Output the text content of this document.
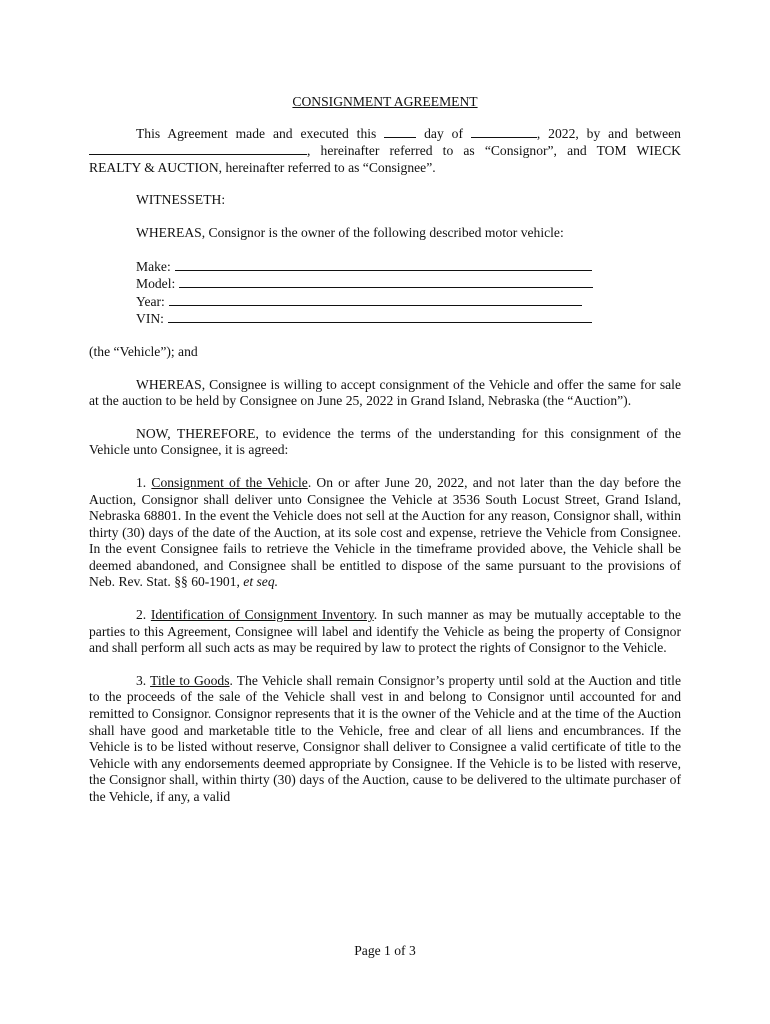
CONSIGNMENT AGREEMENT

This Agreement made and executed this  day of	, 2022, by and between , hereinafter referred to as “Consignor”, and TOM WIECK REALTY & AUCTION, hereinafter referred to as “Consignee”.

WITNESSETH:

WHEREAS, Consignor is the owner of the following described motor vehicle:

Make:
Model:
Year:
VIN:

(the “Vehicle”); and

WHEREAS, Consignee is willing to accept consignment of the Vehicle and offer the same for sale at the auction to be held by Consignee on June 25, 2022 in Grand Island, Nebraska (the “Auction”).

NOW, THEREFORE, to evidence the terms of the understanding for this consignment of the Vehicle unto Consignee, it is agreed:

1. Consignment of the Vehicle. On or after June 20, 2022, and not later than the day before the Auction, Consignor shall deliver unto Consignee the Vehicle at 3536 South Locust Street, Grand Island, Nebraska 68801. In the event the Vehicle does not sell at the Auction for any reason, Consignor shall, within thirty (30) days of the date of the Auction, at its sole cost and expense, retrieve the Vehicle from Consignee. In the event Consignee fails to retrieve the Vehicle in the timeframe provided above, the Vehicle shall be deemed abandoned, and Consignee shall be entitled to dispose of the same pursuant to the provisions of Neb. Rev. Stat. §§ 60-1901, et seq.

2. Identification of Consignment Inventory. In such manner as may be mutually acceptable to the parties to this Agreement, Consignee will label and identify the Vehicle as being the property of Consignor and shall perform all such acts as may be required by law to protect the rights of Consignor to the Vehicle.

3. Title to Goods. The Vehicle shall remain Consignor’s property until sold at the Auction and title to the proceeds of the sale of the Vehicle shall vest in and belong to Consignor until accounted for and remitted to Consignor. Consignor represents that it is the owner of the Vehicle and at the time of the Auction shall have good and marketable title to the Vehicle, free and clear of all liens and encumbrances. If the Vehicle is to be listed without reserve, Consignor shall deliver to Consignee a valid certificate of title to the Vehicle with any endorsements deemed appropriate by Consignee. If the Vehicle is to be listed with reserve, the Consignor shall, within thirty (30) days of the Auction, cause to be delivered to the ultimate purchaser of the Vehicle, if any, a valid

Page 1 of 3
